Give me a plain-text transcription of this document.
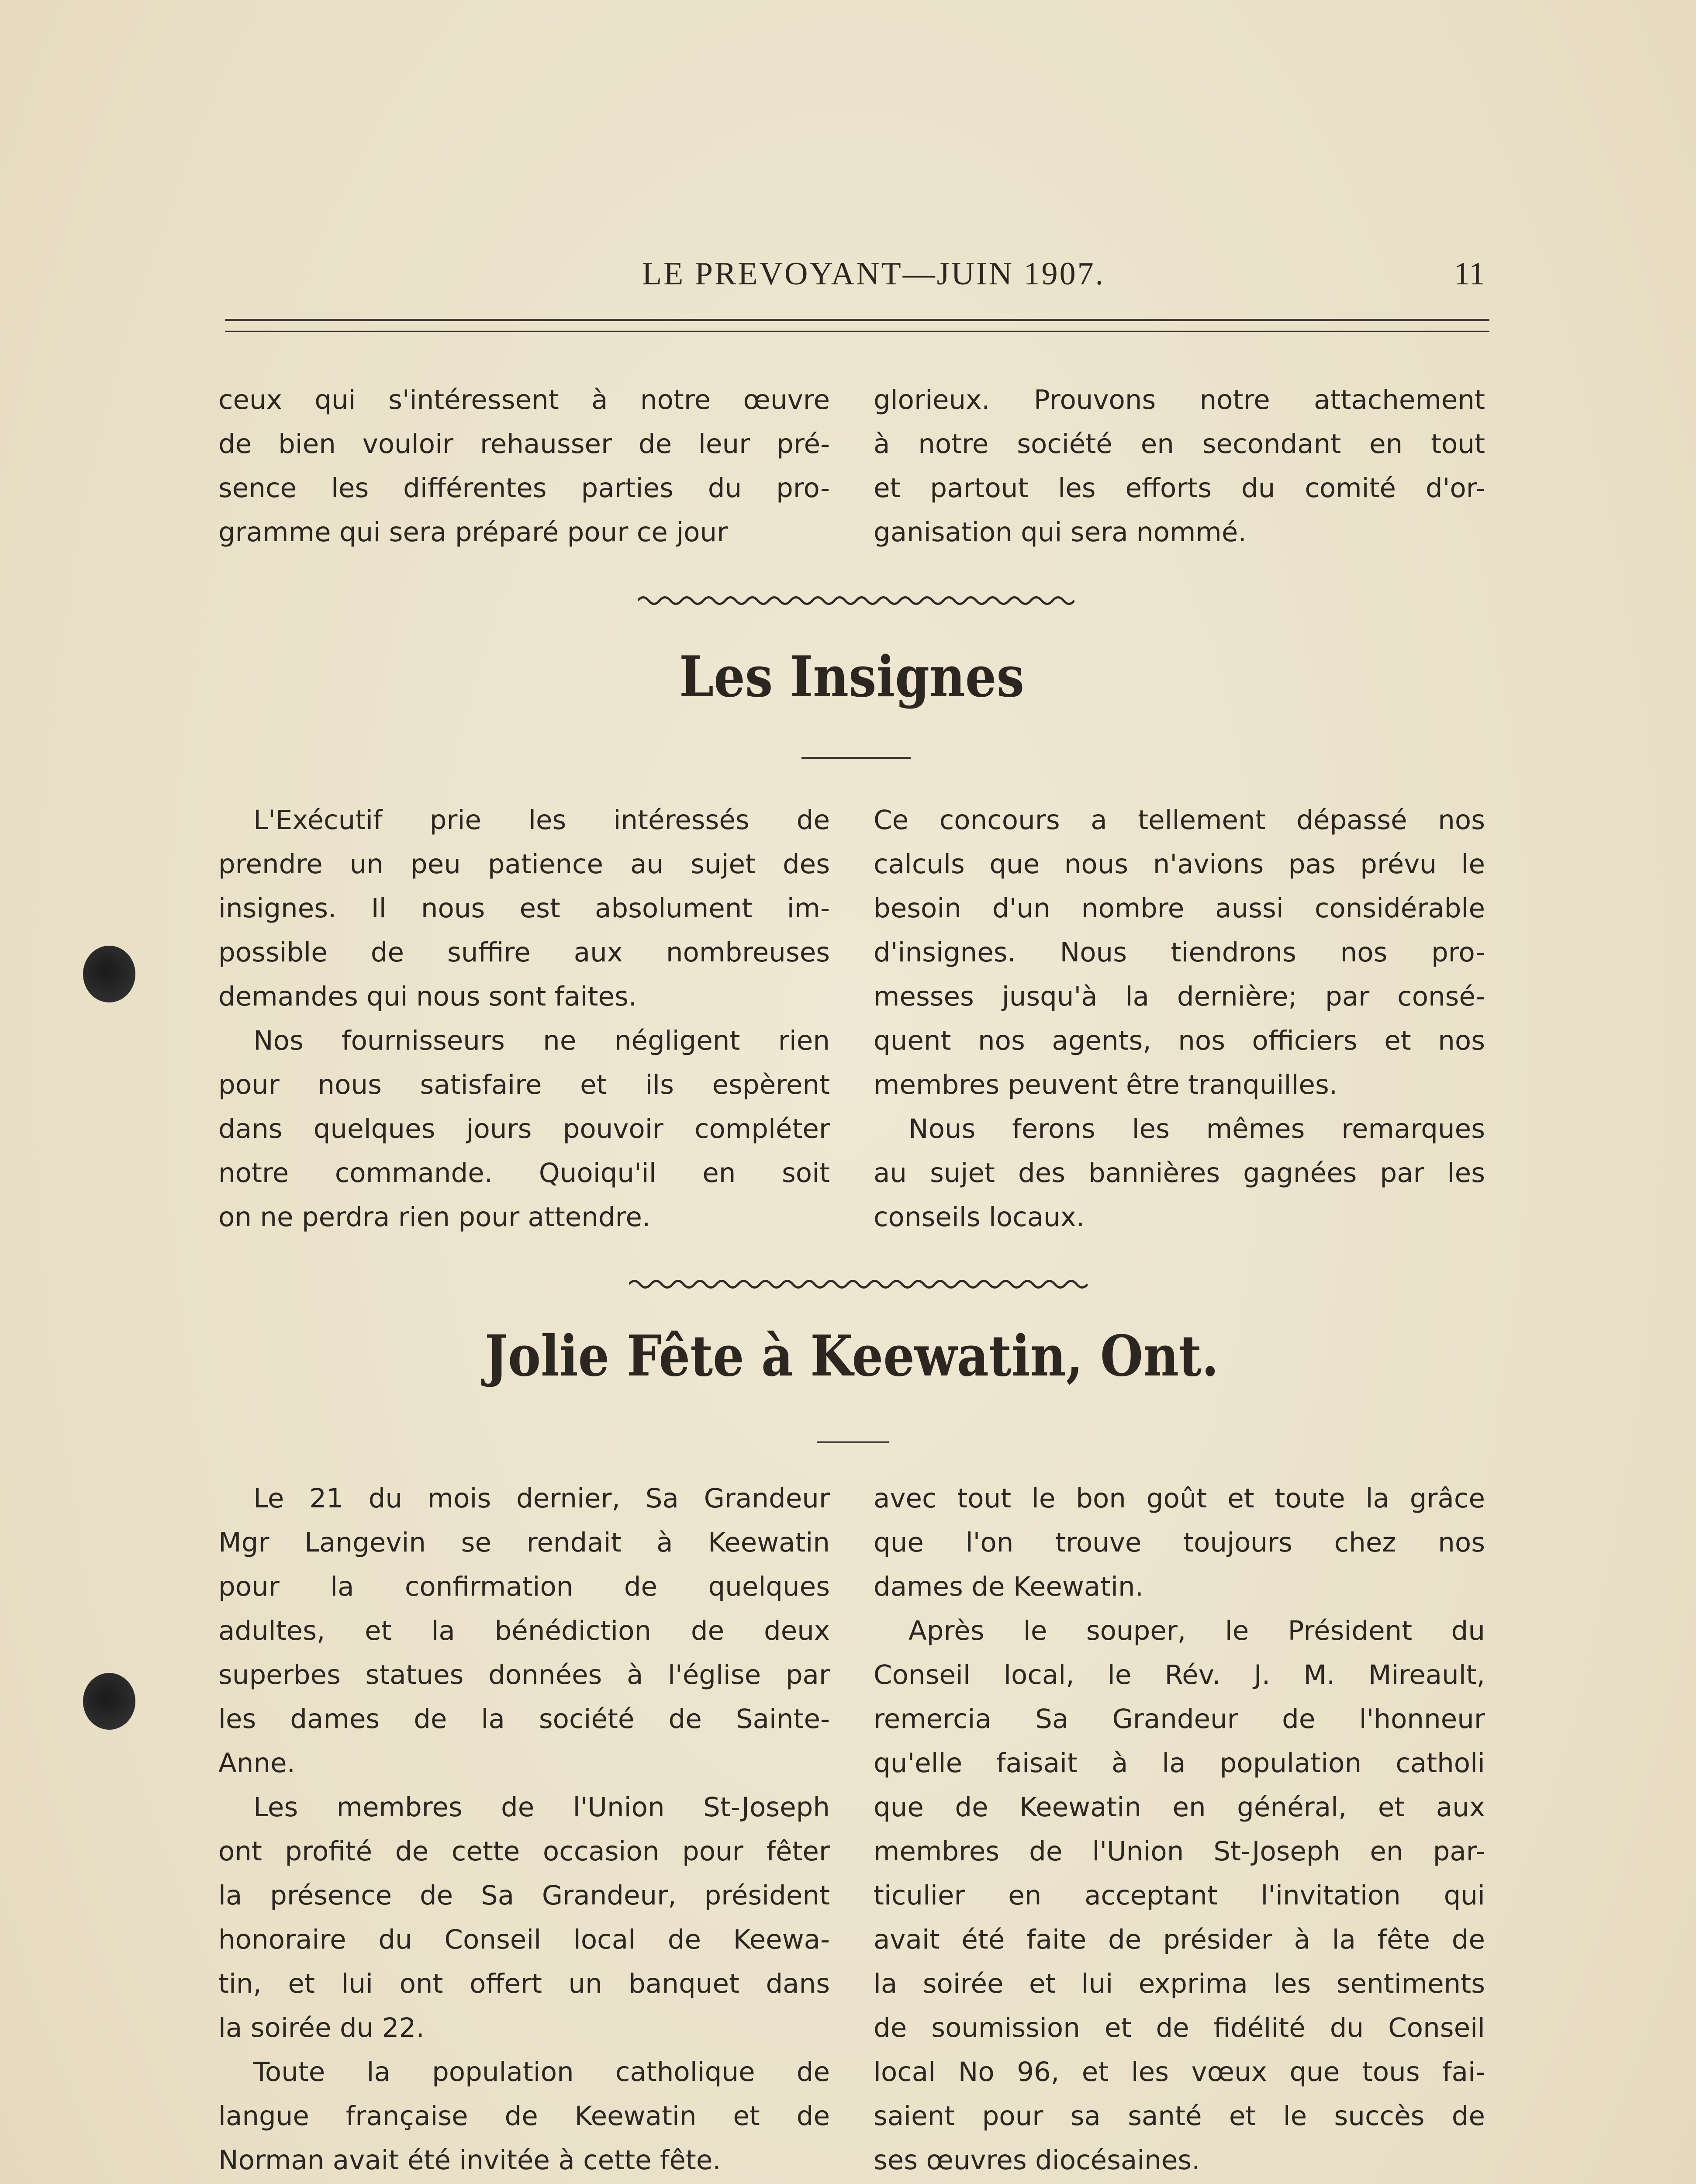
LE PREVOYANT—JUIN 1907.	11
ceux qui s'intéressent à notre œuvre
de bien vouloir rehausser de leur pré-
sence les différentes parties du pro-
gramme qui sera préparé pour ce jour
glorieux. Prouvons notre attachement
à notre société en secondant en tout
et partout les efforts du comité d'or-
ganisation qui sera nommé.
Les Insignes
L'Exécutif prie les intéressés de
prendre un peu patience au sujet des
insignes. Il nous est absolument im-
possible de suffire aux nombreuses
demandes qui nous sont faites.
Nos fournisseurs ne négligent rien
pour nous satisfaire et ils espèrent
dans quelques jours pouvoir compléter
notre commande. Quoiqu'il en soit
on ne perdra rien pour attendre.
Ce concours a tellement dépassé nos
calculs que nous n'avions pas prévu le
besoin d'un nombre aussi considérable
d'insignes. Nous tiendrons nos pro-
messes jusqu'à la dernière; par consé-
quent nos agents, nos officiers et nos
membres peuvent être tranquilles.
Nous ferons les mêmes remarques
au sujet des bannières gagnées par les
conseils locaux.
Jolie Fête à Keewatin, Ont.
Le 21 du mois dernier, Sa Grandeur
Mgr Langevin se rendait à Keewatin
pour la confirmation de quelques
adultes, et la bénédiction de deux
superbes statues données à l'église par
les dames de la société de Sainte-
Anne.
Les membres de l'Union St-Joseph
ont profité de cette occasion pour fêter
la présence de Sa Grandeur, président
honoraire du Conseil local de Keewa-
tin, et lui ont offert un banquet dans
la soirée du 22.
Toute la population catholique de
langue française de Keewatin et de
Norman avait été invitée à cette fête.
avec tout le bon goût et toute la grâce
que l'on trouve toujours chez nos
dames de Keewatin.
Après le souper, le Président du
Conseil local, le Rév. J. M. Mireault,
remercia Sa Grandeur de l'honneur
qu'elle faisait à la population catholi
que de Keewatin en général, et aux
membres de l'Union St-Joseph en par-
ticulier en acceptant l'invitation qui
avait été faite de présider à la fête de
la soirée et lui exprima les sentiments
de soumission et de fidélité du Conseil
local No 96, et les vœux que tous fai-
saient pour sa santé et le succès de
ses œuvres diocésaines.
